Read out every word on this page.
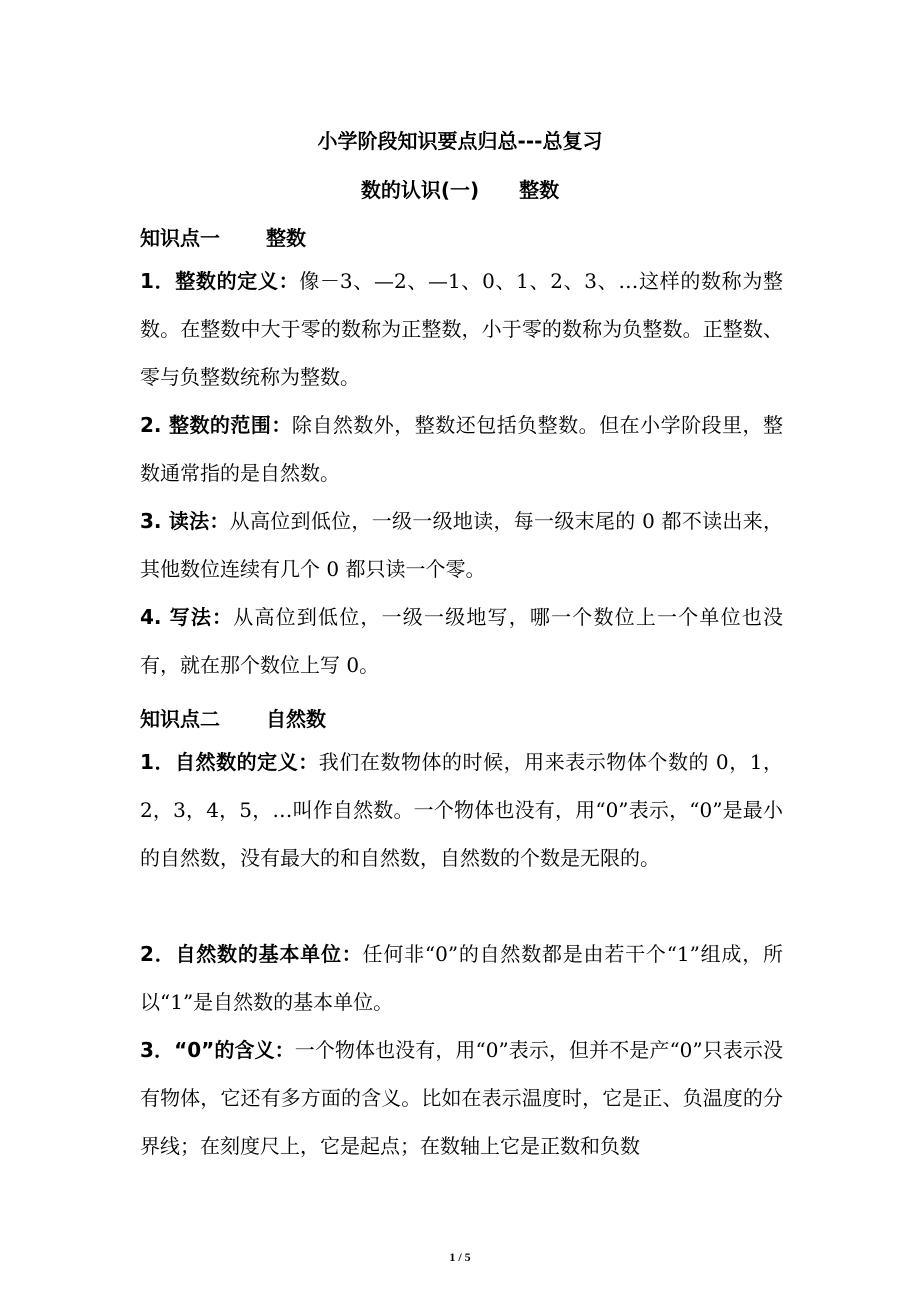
小学阶段知识要点归总---总复习
数的认识(一) 整数
知识点一 整数
1．整数的定义：像－3、—2、—1、0、1、2、3、…这样的数称为整数。在整数中大于零的数称为正整数，小于零的数称为负整数。正整数、零与负整数统称为整数。
2. 整数的范围：除自然数外，整数还包括负整数。但在小学阶段里，整数通常指的是自然数。
3. 读法：从高位到低位，一级一级地读，每一级末尾的 0 都不读出来，其他数位连续有几个 0 都只读一个零。
4. 写法：从高位到低位，一级一级地写，哪一个数位上一个单位也没有，就在那个数位上写 0。
知识点二 自然数
1．自然数的定义：我们在数物体的时候，用来表示物体个数的 0，1，2，3，4，5，…叫作自然数。一个物体也没有，用“0”表示，“0”是最小的自然数，没有最大的和自然数，自然数的个数是无限的。
2．自然数的基本单位：任何非“0”的自然数都是由若干个“1”组成，所以“1”是自然数的基本单位。
3．“0”的含义：一个物体也没有，用“0”表示，但并不是产“0”只表示没有物体，它还有多方面的含义。比如在表示温度时，它是正、负温度的分界线；在刻度尺上，它是起点；在数轴上它是正数和负数
1 / 5
